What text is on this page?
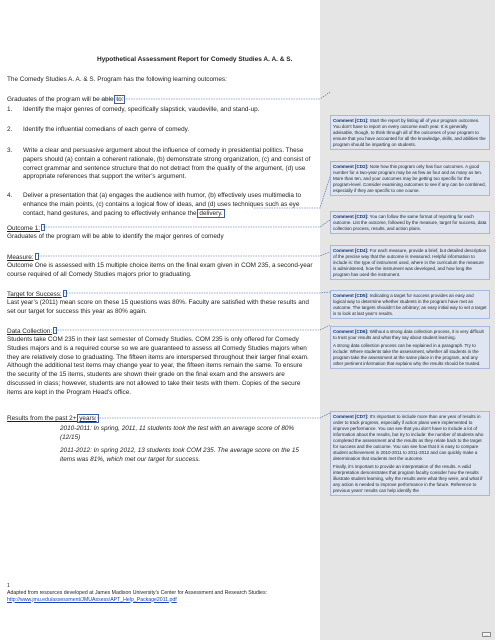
Hypothetical Assessment Report for Comedy Studies A. A. & S.
The Comedy Studies A. A. & S. Program has the following learning outcomes:
Graduates of the program will be able to:
1. Identify the major genres of comedy, specifically slapstick, vaudeville, and stand-up.
2. Identify the influential comedians of each genre of comedy.
3. Write a clear and persuasive argument about the influence of comedy in presidential politics. These papers should (a) contain a coherent rationale, (b) demonstrate strong organization, (c) and consist of correct grammar and sentence structure that do not detract from the quality of the argument, (d) use appropriate references that support the writer’s argument.
4. Deliver a presentation that (a) engages the audience with humor, (b) effectively uses multimedia to enhance the main points, (c) contains a logical flow of ideas, and (d) uses techniques such as eye contact, hand gestures, and pacing to effectively enhance the delivery.
Outcome 1:
Graduates of the program will be able to identify the major genres of comedy
Measure:
Outcome One is assessed with 15 multiple choice items on the final exam given in COM 235, a second-year course required of all Comedy Studies majors prior to graduating.
Target for Success:
Last year’s (2011) mean score on these 15 questions was 80%. Faculty are satisfied with these results and set our target for success this year as 80% again.
Data Collection:
Students take COM 235 in their last semester of Comedy Studies. COM 235 is only offered for Comedy Studies majors and is a required course so we are guaranteed to assess all Comedy Studies majors when they are relatively close to graduating. The fifteen items are interspersed throughout their larger final exam. Although the additional test items may change year to year, the fifteen items remain the same. To ensure the security of the 15 items, students are shown their grade on the final exam and the answers are discussed in class; however, students are not allowed to take their tests with them. Copies of the secure items are kept in the Program Head’s office.
Results from the past 2+ years:
2010-2011: In spring, 2011, 11 students took the test with an average score of 80% (12/15)
2011-2012: In spring 2012, 13 students took COM 235. The average score on the 15 items was 81%, which met our target for success.
1
Adapted from resources developed at James Madison University’s Center for Assessment and Research Studies:
http://www.jmu.edu/assessment/JMUAssess/APT_Help_Package2011.pdf

Comment [CD1]: Start the report by listing all of your program outcomes. You don’t have to report on every outcome each year. It is generally advisable, though, to think through all of the outcomes of your program to ensure that you have accounted for all the knowledge, skills, and abilities the program should be imparting on students.

Comment [CD2]: Note how this program only has four outcomes. A good number for a two-year program may be as few as four and as many as ten. More than ten, and your outcomes may be getting too specific for the program-level. Consider examining outcomes to see if any can be combined, especially if they are specific to one course.

Comment [CD3]: You can follow the same format of reporting for each outcome. List the outcome, followed by the measure, target for success, data collection process, results, and action plans.

Comment [CD4]: For each measure, provide a brief, but detailed description of the precise way that the outcome is measured. Helpful information to include is: the type of instrument used, where in the curriculum the measure is administered, how the instrument was developed, and how long the program has used the instrument.

Comment [CD5]: Indicating a target for success provides an easy and logical way to determine whether students in the program have met an outcome. The targets shouldn’t be arbitrary; an easy initial way to set a target is to look at last year’s results.

Comment [CD6]: Without a strong data collection process, it is very difficult to trust your results and what they say about student learning.

A strong data collection process can be explained in a paragraph. Try to include: Where students take the assessment, whether all students in the program take the assessment at the same place in the program, and any other pertinent information that explains why the results should be trusted.

Comment [CD7]: It’s important to include more than one year of results in order to track progress, especially if action plans were implemented to improve performance. You can see that you don’t have to include a lot of information about the results, but try to include: the number of students who completed the assessment and the results as they relate back to the target for success and the outcome. You can see how that it is easy to compare student achievement in 2010-2011 to 2011-2012 and can quickly make a determination that students met the outcome.

Finally, it’s important to provide an interpretation of the results. A valid interpretation demonstrates that program faculty consider how the results illustrate student learning, why the results were what they were, and what if any action is needed to improve performance in the future. Reference to previous years’ results can help identify the

...
